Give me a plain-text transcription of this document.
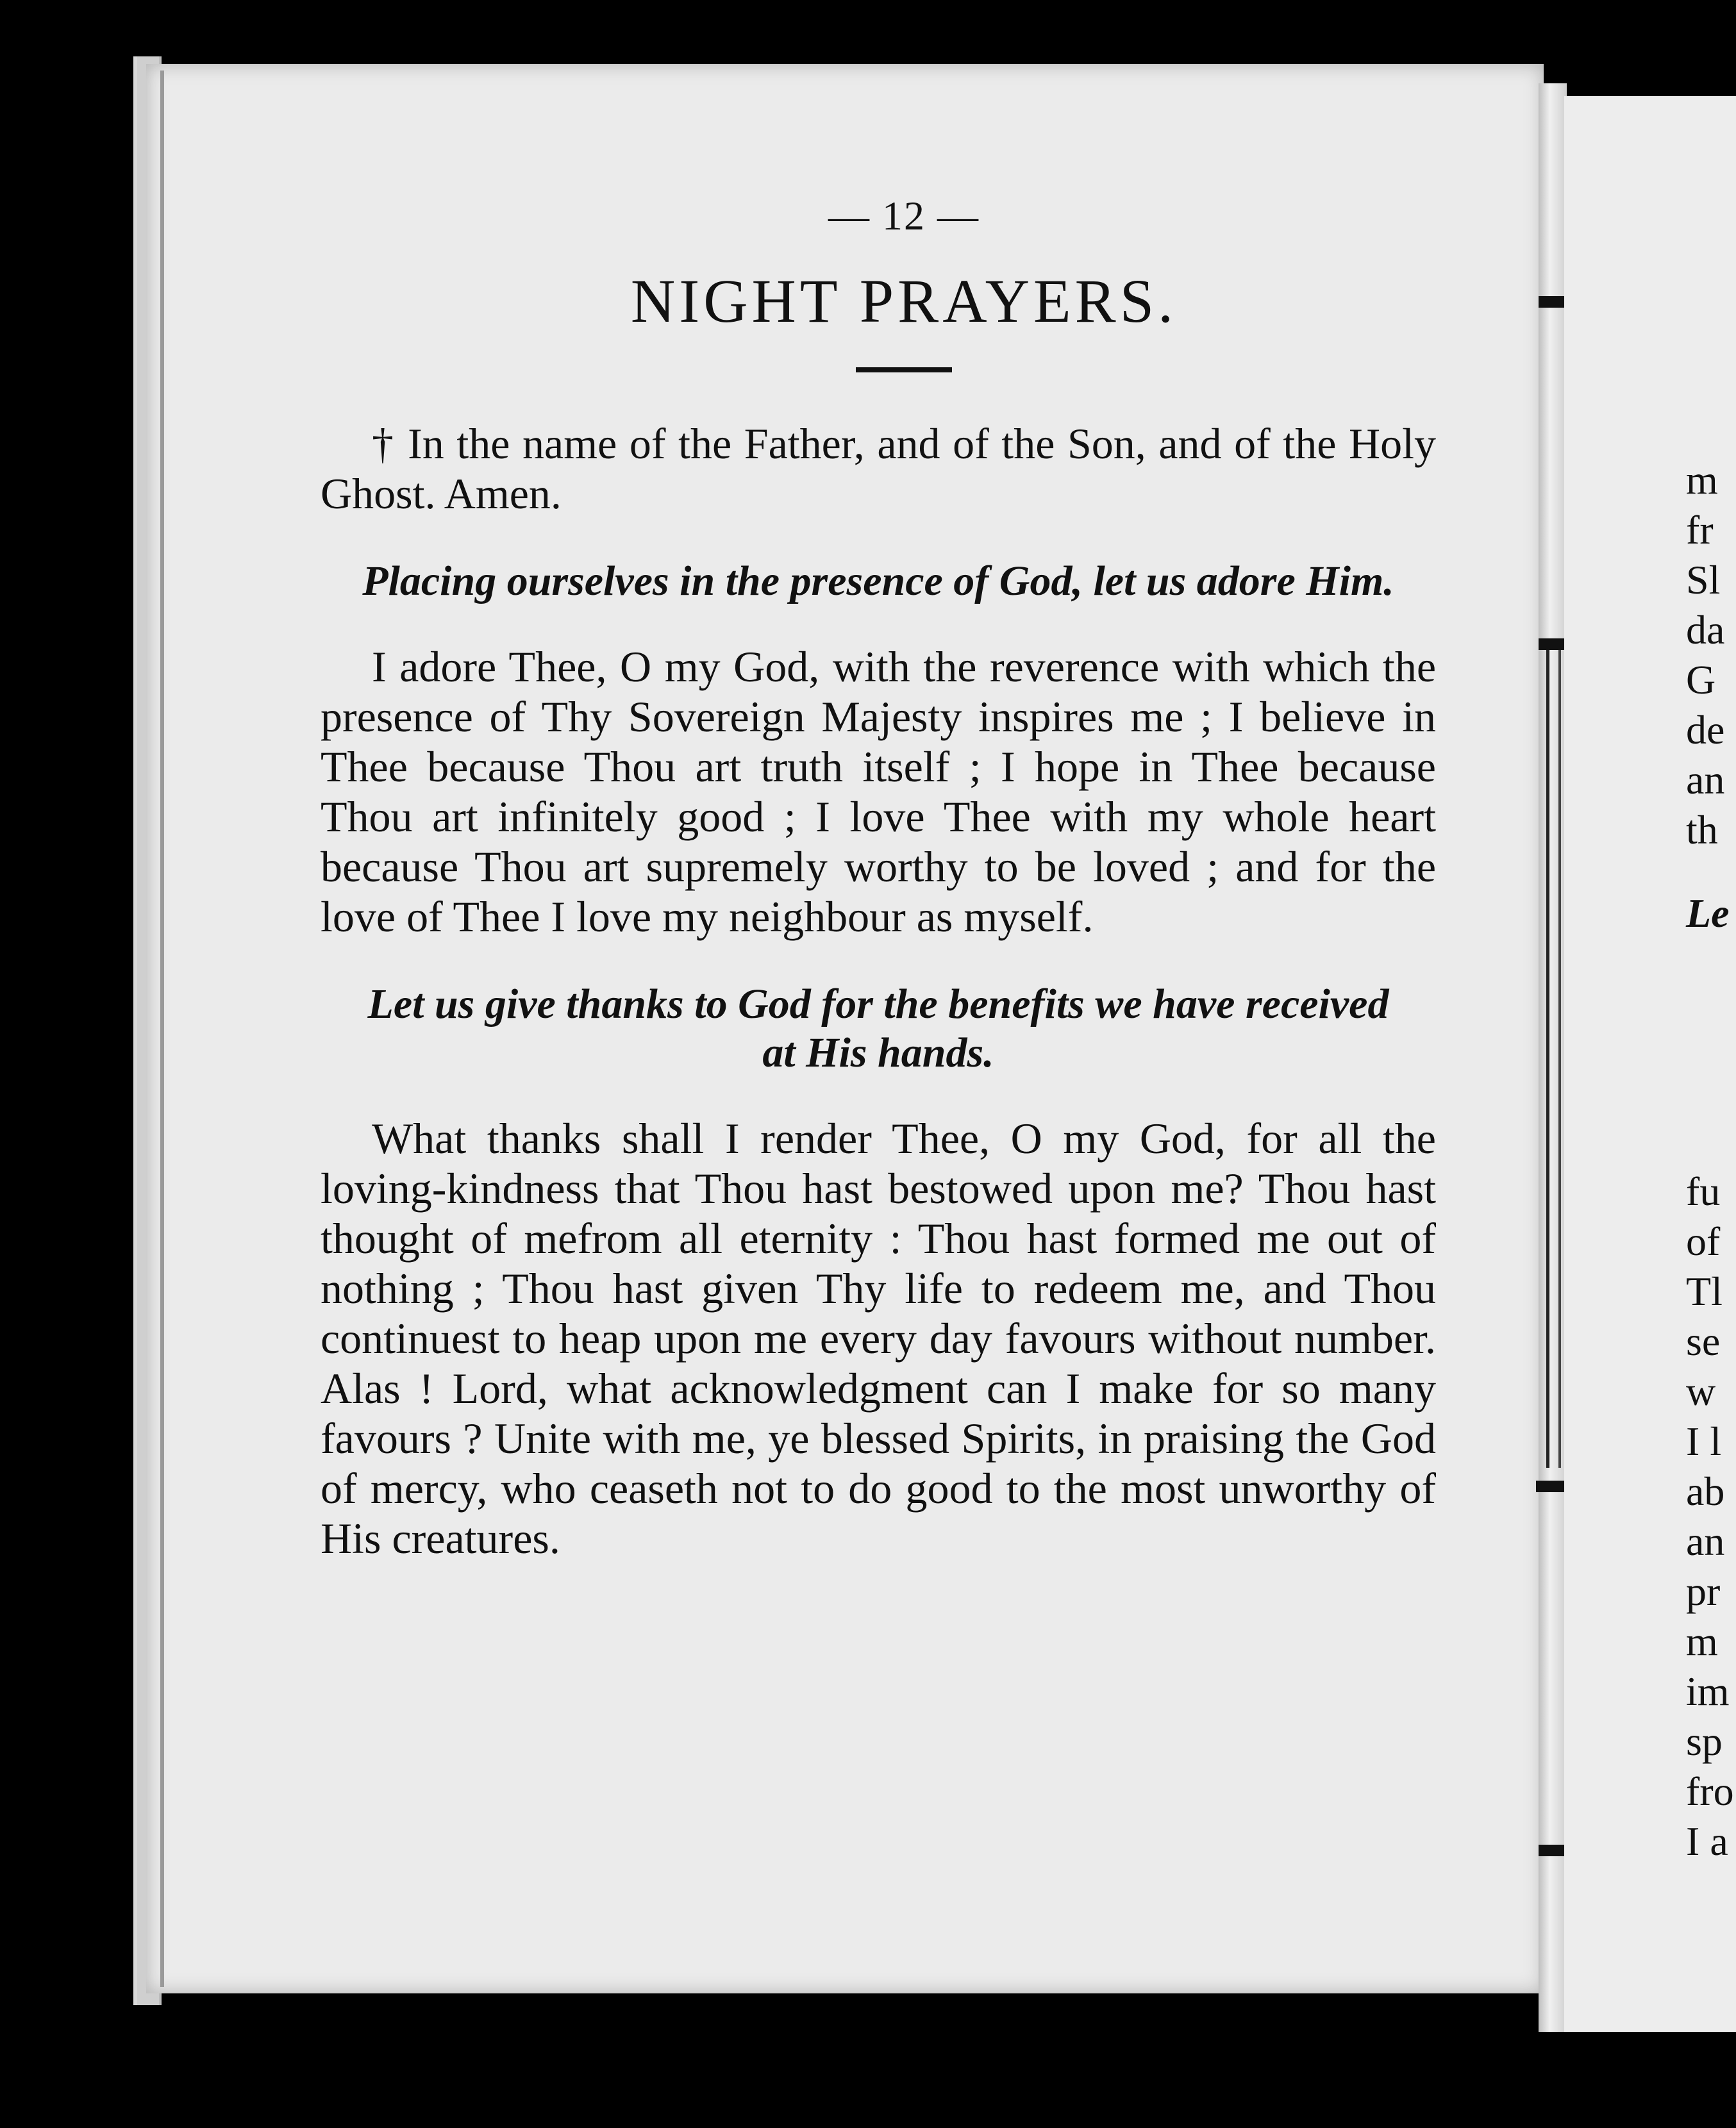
— 12 —
NIGHT PRAYERS.

† In the name of the Father, and of the Son, and of the Holy Ghost. Amen.

Placing ourselves in the presence of God, let us adore Him.

I adore Thee, O my God, with the reverence with which the presence of Thy Sovereign Majesty inspires me ; I believe in Thee because Thou art truth itself ; I hope in Thee because Thou art infinitely good ; I love Thee with my whole heart because Thou art supremely worthy to be loved ; and for the love of Thee I love my neighbour as myself.

Let us give thanks to God for the benefits we have received at His hands.

What thanks shall I render Thee, O my God, for all the loving-kindness that Thou hast bestowed upon me? Thou hast thought of mefrom all eternity : Thou hast formed me out of nothing ; Thou hast given Thy life to redeem me, and Thou continuest to heap upon me every day favours without number. Alas ! Lord, what acknowledgment can I make for so many favours ? Unite with me, ye blessed Spirits, in praising the God of mercy, who ceaseth not to do good to the most unworthy of His creatures.

m
fr
Sl
da
G
de
an
th
Le
fu
of
Tl
se
w
I l
ab
an
pr
m
im
sp
fro
I a
